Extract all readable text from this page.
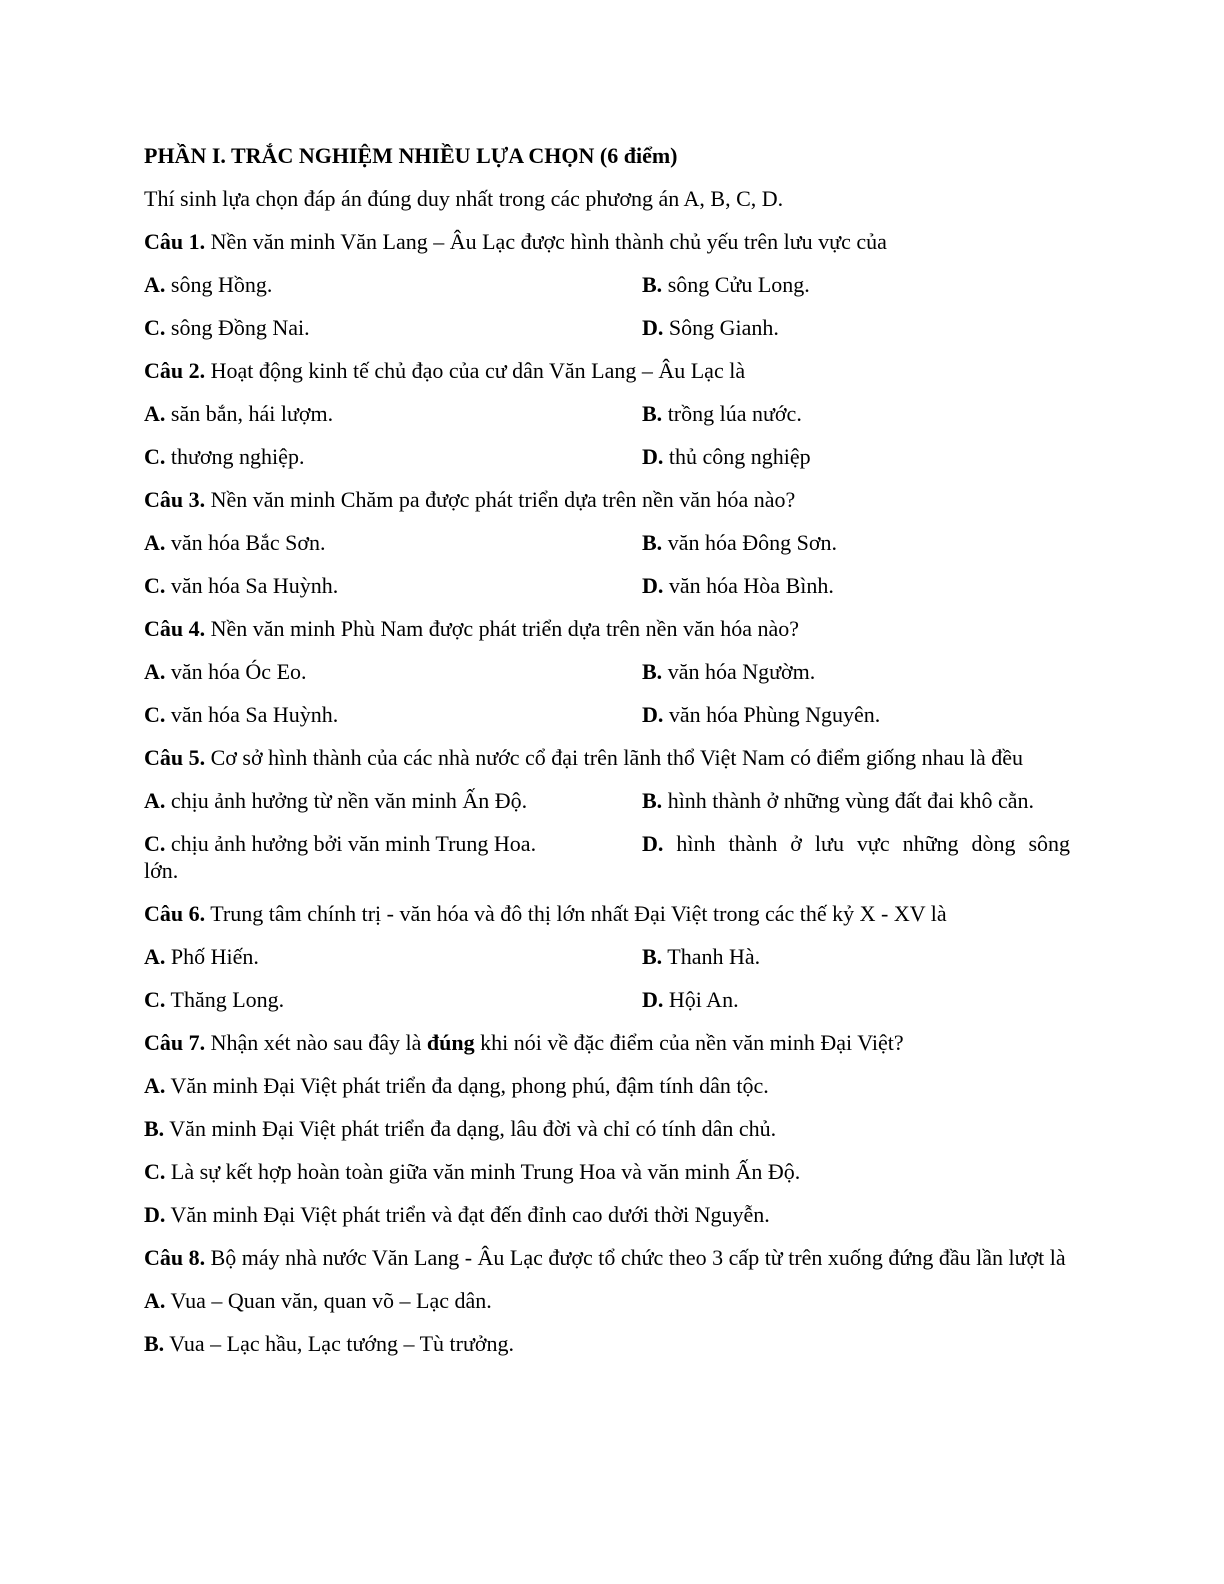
PHẦN I. TRẮC NGHIỆM NHIỀU LỰA CHỌN (6 điểm)
Thí sinh lựa chọn đáp án đúng duy nhất trong các phương án A, B, C, D.
Câu 1. Nền văn minh Văn Lang – Âu Lạc được hình thành chủ yếu trên lưu vực của
A. sông Hồng.	B. sông Cửu Long.
C. sông Đồng Nai.	D. Sông Gianh.
Câu 2. Hoạt động kinh tế chủ đạo của cư dân Văn Lang – Âu Lạc là
A. săn bắn, hái lượm.	B. trồng lúa nước.
C. thương nghiệp.	D. thủ công nghiệp
Câu 3. Nền văn minh Chăm pa được phát triển dựa trên nền văn hóa nào?
A. văn hóa Bắc Sơn.	B. văn hóa Đông Sơn.
C. văn hóa Sa Huỳnh.	D. văn hóa Hòa Bình.
Câu 4. Nền văn minh Phù Nam được phát triển dựa trên nền văn hóa nào?
A. văn hóa Óc Eo.	B. văn hóa Ngườm.
C. văn hóa Sa Huỳnh.	D. văn hóa Phùng Nguyên.
Câu 5. Cơ sở hình thành của các nhà nước cổ đại trên lãnh thổ Việt Nam có điểm giống nhau là đều
A. chịu ảnh hưởng từ nền văn minh Ấn Độ.	B. hình thành ở những vùng đất đai khô cằn.
C. chịu ảnh hưởng bởi văn minh Trung Hoa.	D. hình thành ở lưu vực những dòng sông
lớn.
Câu 6. Trung tâm chính trị - văn hóa và đô thị lớn nhất Đại Việt trong các thế kỷ X - XV là
A. Phố Hiến.	B. Thanh Hà.
C. Thăng Long.	D. Hội An.
Câu 7. Nhận xét nào sau đây là đúng khi nói về đặc điểm của nền văn minh Đại Việt?
A. Văn minh Đại Việt phát triển đa dạng, phong phú, đậm tính dân tộc.
B. Văn minh Đại Việt phát triển đa dạng, lâu đời và chỉ có tính dân chủ.
C. Là sự kết hợp hoàn toàn giữa văn minh Trung Hoa và văn minh Ấn Độ.
D. Văn minh Đại Việt phát triển và đạt đến đỉnh cao dưới thời Nguyễn.
Câu 8. Bộ máy nhà nước Văn Lang - Âu Lạc được tổ chức theo 3 cấp từ trên xuống đứng đầu lần lượt là
A. Vua – Quan văn, quan võ – Lạc dân.
B. Vua – Lạc hầu, Lạc tướng – Tù trưởng.
